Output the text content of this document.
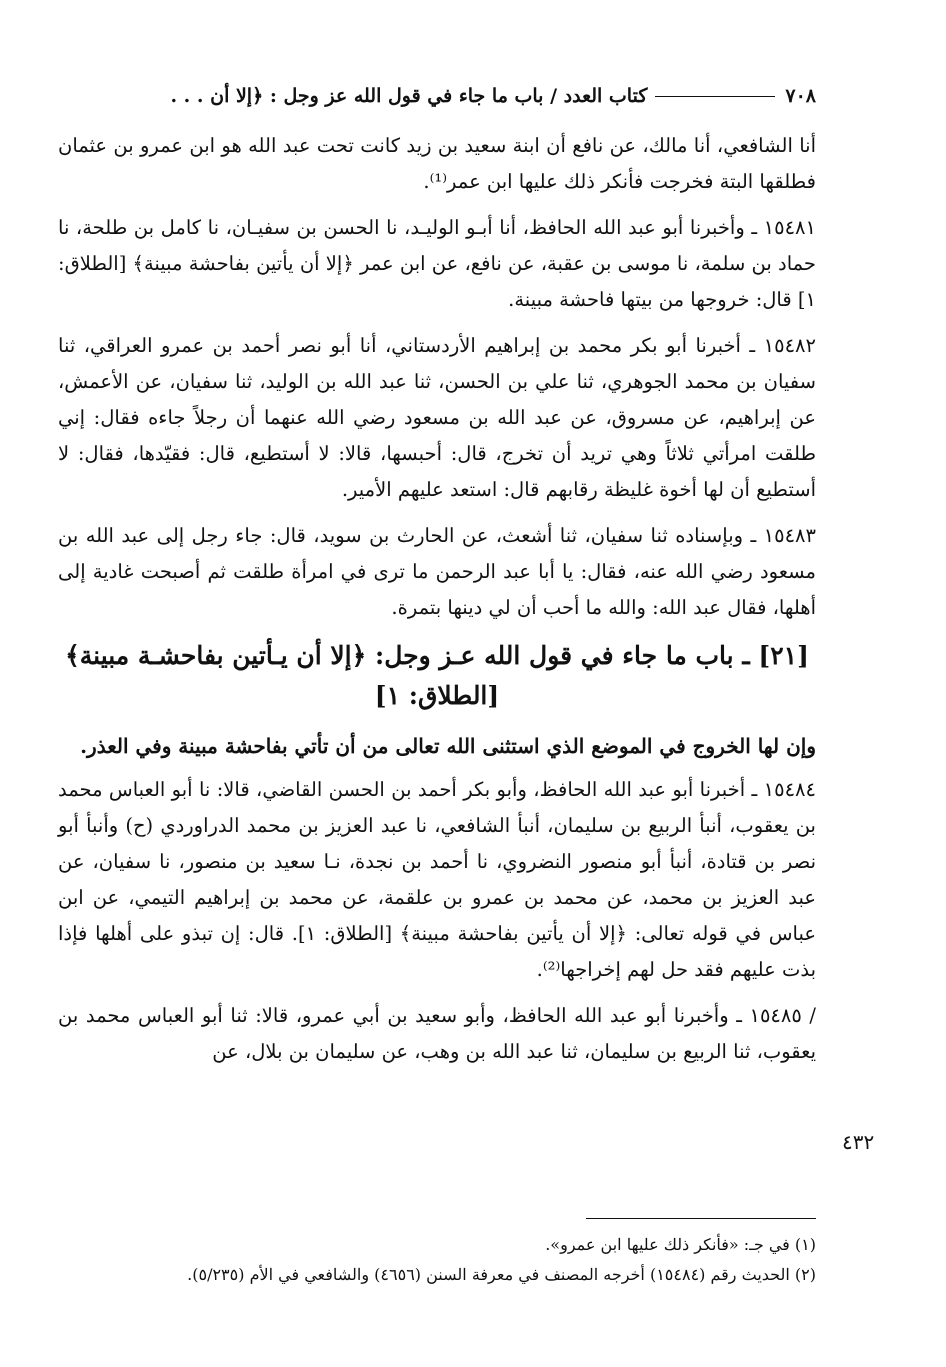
٧٠٨
كتاب العدد / باب ما جاء في قول الله عز وجل : ﴿إلا أن . . .

أنا الشافعي، أنا مالك، عن نافع أن ابنة سعيد بن زيد كانت تحت عبد الله هو ابن عمرو بن عثمان فطلقها البتة فخرجت فأنكر ذلك عليها ابن عمر⁽¹⁾.

١٥٤٨١ ـ وأخبرنا أبو عبد الله الحافظ، أنا أبـو الوليـد، نا الحسن بن سفيـان، نا كامل بن طلحة، نا حماد بن سلمة، نا موسى بن عقبة، عن نافع، عن ابن عمر ﴿إلا أن يأتين بفاحشة مبينة﴾ [الطلاق: ١] قال: خروجها من بيتها فاحشة مبينة.

١٥٤٨٢ ـ أخبرنا أبو بكر محمد بن إبراهيم الأردستاني، أنا أبو نصر أحمد بن عمرو العراقي، ثنا سفيان بن محمد الجوهري، ثنا علي بن الحسن، ثنا عبد الله بن الوليد، ثنا سفيان، عن الأعمش، عن إبراهيم، عن مسروق، عن عبد الله بن مسعود رضي الله عنهما أن رجلاً جاءه فقال: إني طلقت امرأتي ثلاثاً وهي تريد أن تخرج، قال: أحبسها، قالا: لا أستطيع، قال: فقيّدها، فقال: لا أستطيع أن لها أخوة غليظة رقابهم قال: استعد عليهم الأمير.

١٥٤٨٣ ـ وبإسناده ثنا سفيان، ثنا أشعث، عن الحارث بن سويد، قال: جاء رجل إلى عبد الله بن مسعود رضي الله عنه، فقال: يا أبا عبد الرحمن ما ترى في امرأة طلقت ثم أصبحت غادية إلى أهلها، فقال عبد الله: والله ما أحب أن لي دينها بتمرة.

[٢١] ـ باب ما جاء في قول الله عـز وجل: ﴿إلا أن يـأتين بفاحشـة مبينة﴾
[الطلاق: ١]

وإن لها الخروج في الموضع الذي استثنى الله تعالى من أن تأتي بفاحشة مبينة وفي العذر.

١٥٤٨٤ ـ أخبرنا أبو عبد الله الحافظ، وأبو بكر أحمد بن الحسن القاضي، قالا: نا أبو العباس محمد بن يعقوب، أنبأ الربيع بن سليمان، أنبأ الشافعي، نا عبد العزيز بن محمد الدراوردي (ح) وأنبأ أبو نصر بن قتادة، أنبأ أبو منصور النضروي، نا أحمد بن نجدة، نـا سعيد بن منصور، نا سفيان، عن عبد العزيز بن محمد، عن محمد بن عمرو بن علقمة، عن محمد بن إبراهيم التيمي، عن ابن عباس في قوله تعالى: ﴿إلا أن يأتين بفاحشة مبينة﴾ [الطلاق: ١]. قال: إن تبذو على أهلها فإذا بذت عليهم فقد حل لهم إخراجها⁽²⁾.

/ ١٥٤٨٥ ـ وأخبرنا أبو عبد الله الحافظ، وأبو سعيد بن أبي عمرو، قالا: ثنا أبو العباس محمد بن يعقوب، ثنا الربيع بن سليمان، ثنا عبد الله بن وهب، عن سليمان بن بلال، عن

٤٣٢
(١) في جـ: «فأنكر ذلك عليها ابن عمرو».
(٢) الحديث رقم (١٥٤٨٤) أخرجه المصنف في معرفة السنن (٤٦٥٦) والشافعي في الأم (٥/٢٣٥).
